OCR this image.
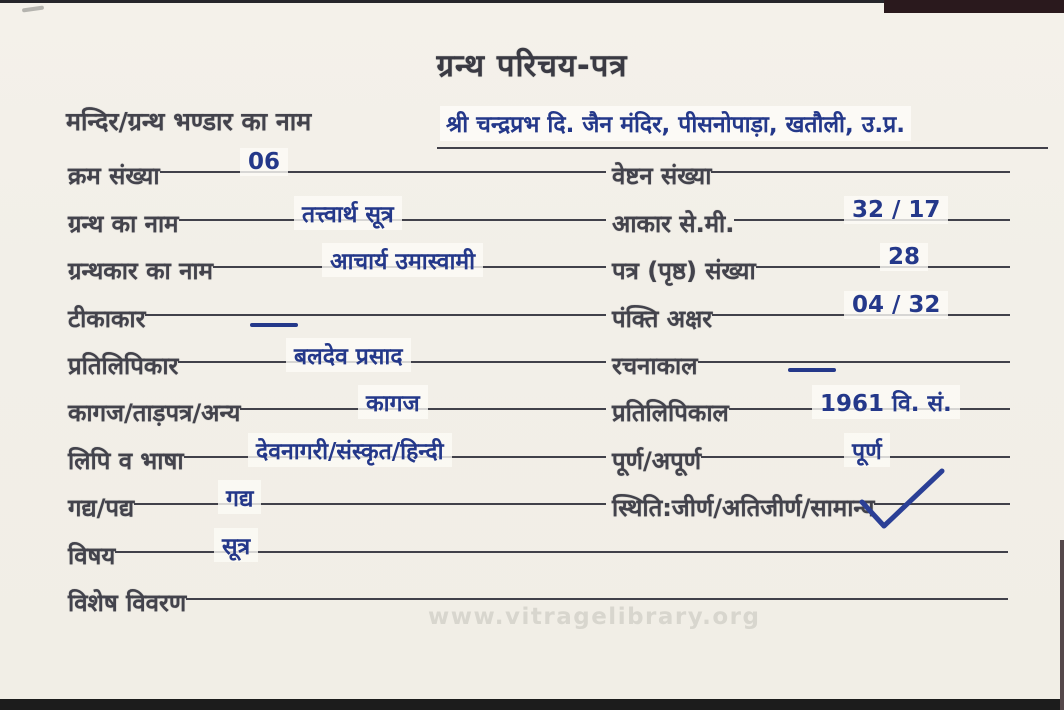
ग्रन्थ परिचय-पत्र
मन्दिर/ग्रन्थ भण्डार का नाम	श्री चन्द्रप्रभ दि. जैन मंदिर, पीसनोपाड़ा, खतौली, उ.प्र.
क्रम संख्या	06
ग्रन्थ का नाम	तत्त्वार्थ सूत्र
ग्रन्थकार का नाम	आचार्य उमास्वामी
टीकाकार
प्रतिलिपिकार	बलदेव प्रसाद
कागज/ताड़पत्र/अन्य	कागज
लिपि व भाषा	देवनागरी/संस्कृत/हिन्दी
गद्य/पद्य	गद्य
विषय	सूत्र
विशेष विवरण
वेष्टन संख्या
आकार से.मी.	32 / 17
पत्र (पृष्ठ) संख्या	28
पंक्ति अक्षर	04 / 32
रचनाकाल
प्रतिलिपिकाल	1961 वि. सं.
पूर्ण/अपूर्ण	पूर्ण
स्थिति:जीर्ण/अतिजीर्ण/सामान्य
www.vitragelibrary.org
